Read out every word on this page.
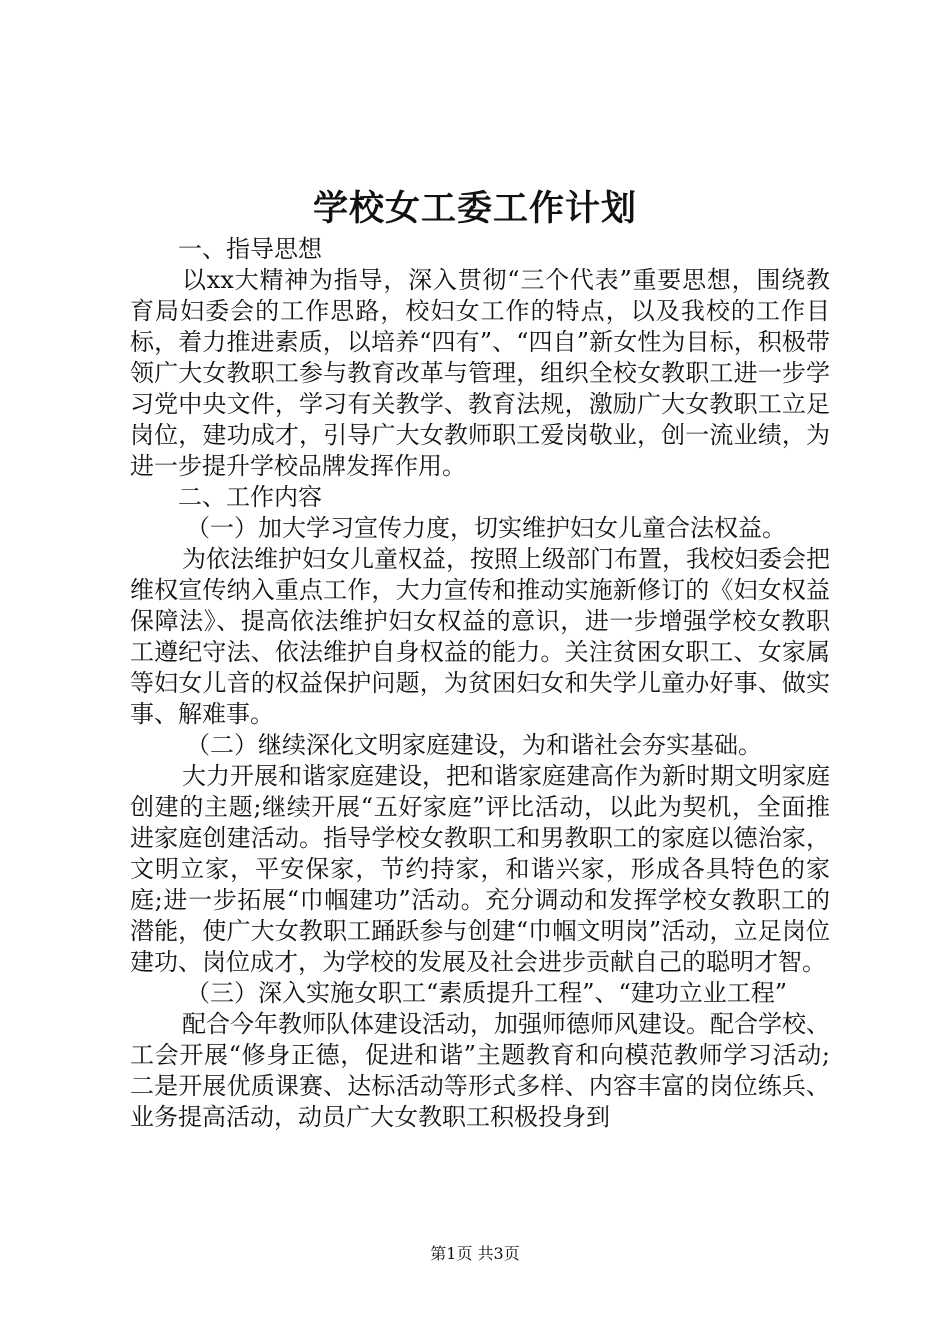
学校女工委工作计划

一、指导思想

以xx大精神为指导，深入贯彻“三个代表”重要思想，围绕教育局妇委会的工作思路，校妇女工作的特点，以及我校的工作目标，着力推进素质，以培养“四有”、“四自”新女性为目标，积极带领广大女教职工参与教育改革与管理，组织全校女教职工进一步学习党中央文件，学习有关教学、教育法规，激励广大女教职工立足岗位，建功成才，引导广大女教师职工爱岗敬业，创一流业绩，为进一步提升学校品牌发挥作用。

二、工作内容

（一）加大学习宣传力度，切实维护妇女儿童合法权益。

为依法维护妇女儿童权益，按照上级部门布置，我校妇委会把维权宣传纳入重点工作，大力宣传和推动实施新修订的《妇女权益保障法》、提高依法维护妇女权益的意识，进一步增强学校女教职工遵纪守法、依法维护自身权益的能力。关注贫困女职工、女家属等妇女儿音的权益保护问题，为贫困妇女和失学儿童办好事、做实事、解难事。

（二）继续深化文明家庭建设，为和谐社会夯实基础。

大力开展和谐家庭建设，把和谐家庭建高作为新时期文明家庭创建的主题;继续开展“五好家庭”评比活动，以此为契机，全面推进家庭创建活动。指导学校女教职工和男教职工的家庭以德治家，文明立家，平安保家，节约持家，和谐兴家，形成各具特色的家庭;进一步拓展“巾帼建功”活动。充分调动和发挥学校女教职工的潜能，使广大女教职工踊跃参与创建“巾帼文明岗”活动，立足岗位建功、岗位成才，为学校的发展及社会进步贡献自己的聪明才智。

（三）深入实施女职工“素质提升工程”、“建功立业工程”

配合今年教师队体建设活动，加强师德师风建设。配合学校、工会开展“修身正德，促进和谐”主题教育和向模范教师学习活动;二是开展优质课赛、达标活动等形式多样、内容丰富的岗位练兵、业务提高活动，动员广大女教职工积极投身到

第1页 共3页
